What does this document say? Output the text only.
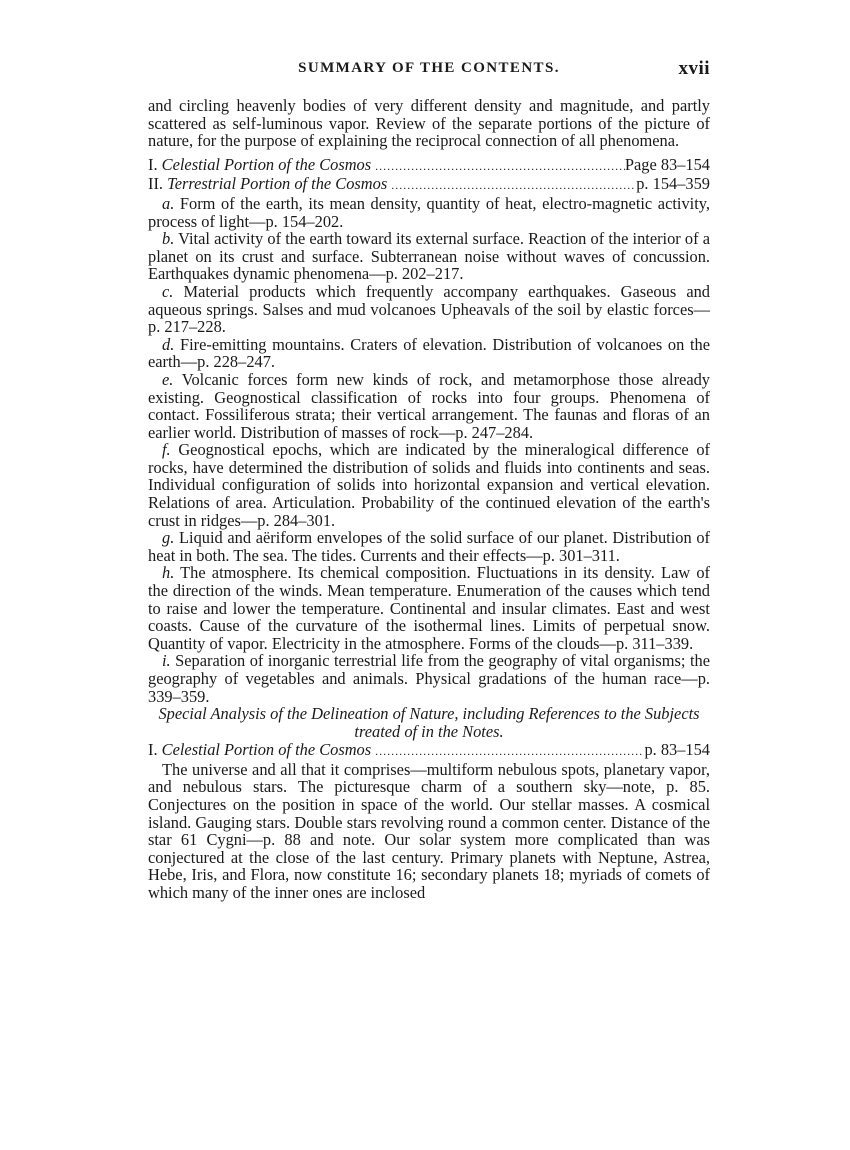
SUMMARY OF THE CONTENTS.	xvii

and circling heavenly bodies of very different density and magnitude, and partly scattered as self-luminous vapor. Review of the separate portions of the picture of nature, for the purpose of explaining the reciprocal connection of all phenomena.

I.
Celestial Portion of the Cosmos .....	Page 83–154
II.
Terrestrial Portion of the Cosmos .....	p. 154–359

a. Form of the earth, its mean density, quantity of heat, electro-magnetic activity, process of light—p. 154–202.

b. Vital activity of the earth toward its external surface. Reaction of the interior of a planet on its crust and surface. Subterranean noise without waves of concussion. Earthquakes dynamic phenomena—p. 202–217.

c. Material products which frequently accompany earthquakes. Gaseous and aqueous springs. Salses and mud volcanoes Upheavals of the soil by elastic forces—p. 217–228.

d. Fire-emitting mountains. Craters of elevation. Distribution of volcanoes on the earth—p. 228–247.

e. Volcanic forces form new kinds of rock, and metamorphose those already existing. Geognostical classification of rocks into four groups. Phenomena of contact. Fossiliferous strata; their vertical arrangement. The faunas and floras of an earlier world. Distribution of masses of rock—p. 247–284.

f. Geognostical epochs, which are indicated by the mineralogical difference of rocks, have determined the distribution of solids and fluids into continents and seas. Individual configuration of solids into horizontal expansion and vertical elevation. Relations of area. Articulation. Probability of the continued elevation of the earth's crust in ridges—p. 284–301.

g. Liquid and aëriform envelopes of the solid surface of our planet. Distribution of heat in both. The sea. The tides. Currents and their effects—p. 301–311.

h. The atmosphere. Its chemical composition. Fluctuations in its density. Law of the direction of the winds. Mean temperature. Enumeration of the causes which tend to raise and lower the temperature. Continental and insular climates. East and west coasts. Cause of the curvature of the isothermal lines. Limits of perpetual snow. Quantity of vapor. Electricity in the atmosphere. Forms of the clouds—p. 311–339.

i. Separation of inorganic terrestrial life from the geography of vital organisms; the geography of vegetables and animals. Physical gradations of the human race—p. 339–359.

Special Analysis of the Delineation of Nature, including References to the Subjects treated of in the Notes.

I.
Celestial Portion of the Cosmos .....	p. 83–154

The universe and all that it comprises—multiform nebulous spots, planetary vapor, and nebulous stars. The picturesque charm of a southern sky—note, p. 85. Conjectures on the position in space of the world. Our stellar masses. A cosmical island. Gauging stars. Double stars revolving round a common center. Distance of the star 61 Cygni—p. 88 and note. Our solar system more complicated than was conjectured at the close of the last century. Primary planets with Neptune, Astrea, Hebe, Iris, and Flora, now constitute 16; secondary planets 18; myriads of comets of which many of the inner ones are inclosed
